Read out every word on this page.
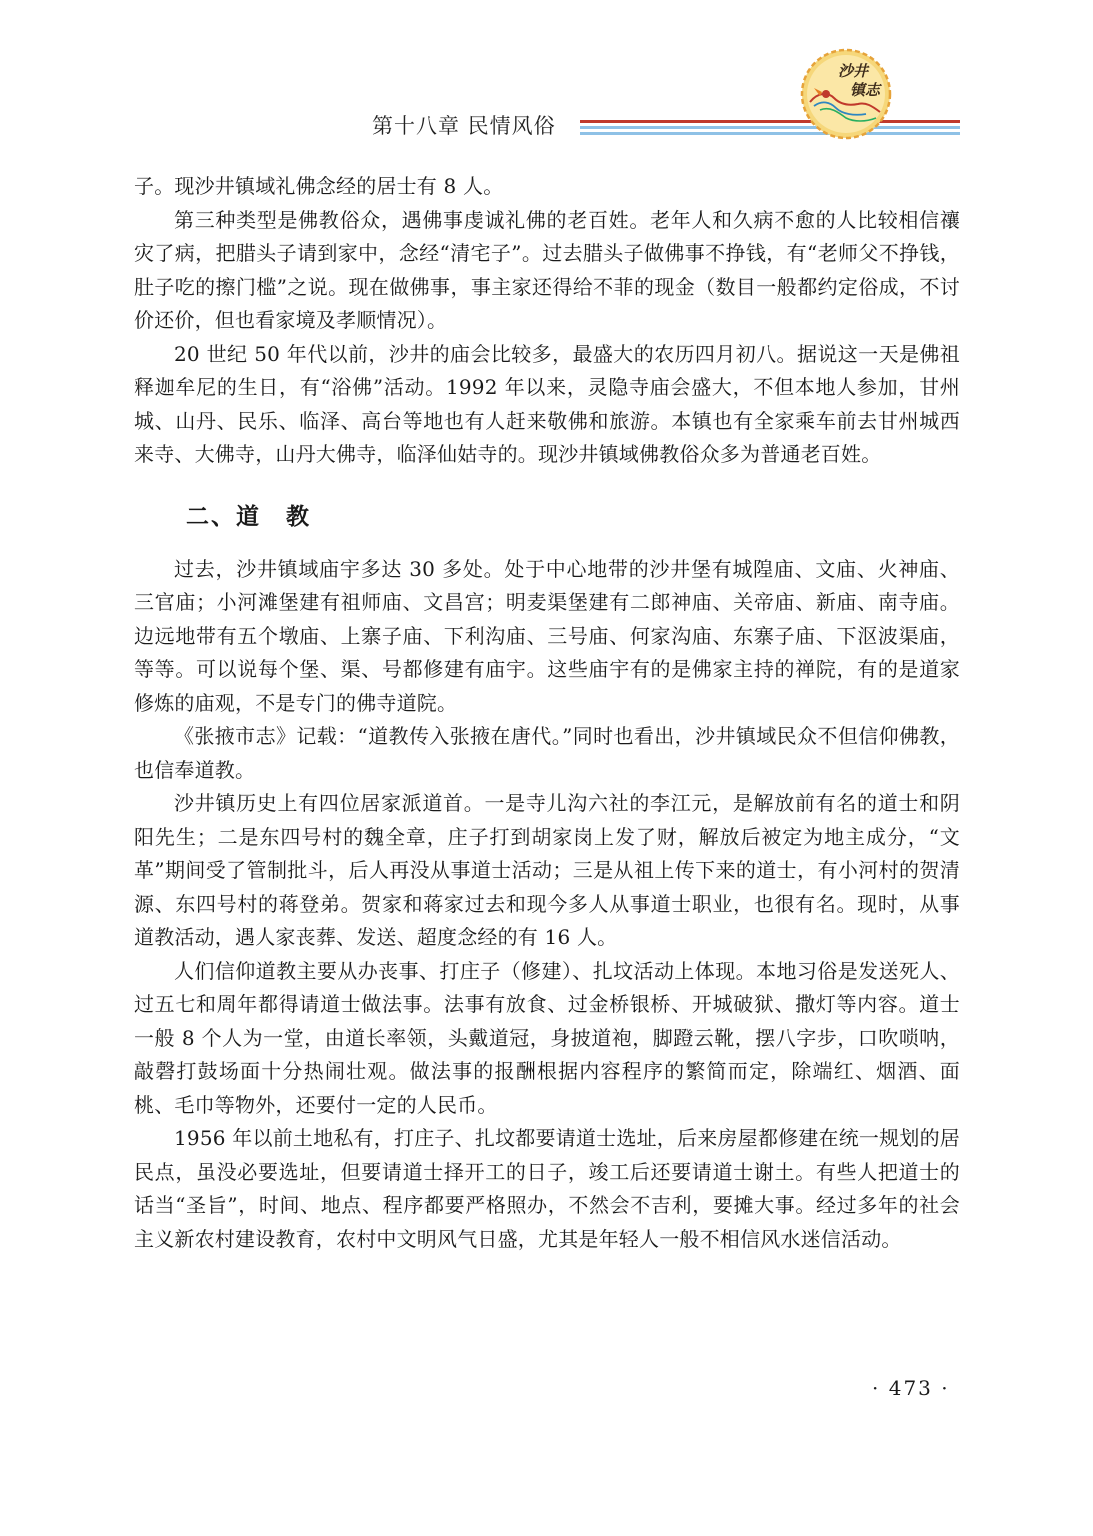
第十八章 民情风俗
沙井
镇志

子。现沙井镇域礼佛念经的居士有 8 人。

第三种类型是佛教俗众，遇佛事虔诚礼佛的老百姓。老年人和久病不愈的人比较相信禳灾了病，把腊头子请到家中，念经“清宅子”。过去腊头子做佛事不挣钱，有“老师父不挣钱，肚子吃的擦门槛”之说。现在做佛事，事主家还得给不菲的现金（数目一般都约定俗成，不讨价还价，但也看家境及孝顺情况）。

20 世纪 50 年代以前，沙井的庙会比较多，最盛大的农历四月初八。据说这一天是佛祖释迦牟尼的生日，有“浴佛”活动。1992 年以来，灵隐寺庙会盛大，不但本地人参加，甘州城、山丹、民乐、临泽、高台等地也有人赶来敬佛和旅游。本镇也有全家乘车前去甘州城西来寺、大佛寺，山丹大佛寺，临泽仙姑寺的。现沙井镇域佛教俗众多为普通老百姓。

二、道　教

过去，沙井镇域庙宇多达 30 多处。处于中心地带的沙井堡有城隍庙、文庙、火神庙、三官庙；小河滩堡建有祖师庙、文昌宫；明麦渠堡建有二郎神庙、关帝庙、新庙、南寺庙。边远地带有五个墩庙、上寨子庙、下利沟庙、三号庙、何家沟庙、东寨子庙、下沤波渠庙，等等。可以说每个堡、渠、号都修建有庙宇。这些庙宇有的是佛家主持的禅院，有的是道家修炼的庙观，不是专门的佛寺道院。

《张掖市志》记载：“道教传入张掖在唐代。”同时也看出，沙井镇域民众不但信仰佛教，也信奉道教。

沙井镇历史上有四位居家派道首。一是寺儿沟六社的李江元，是解放前有名的道士和阴阳先生；二是东四号村的魏全章，庄子打到胡家岗上发了财，解放后被定为地主成分，“文革”期间受了管制批斗，后人再没从事道士活动；三是从祖上传下来的道士，有小河村的贺清源、东四号村的蒋登弟。贺家和蒋家过去和现今多人从事道士职业，也很有名。现时，从事道教活动，遇人家丧葬、发送、超度念经的有 16 人。

人们信仰道教主要从办丧事、打庄子（修建）、扎坟活动上体现。本地习俗是发送死人、过五七和周年都得请道士做法事。法事有放食、过金桥银桥、开城破狱、撒灯等内容。道士一般 8 个人为一堂，由道长率领，头戴道冠，身披道袍，脚蹬云靴，摆八字步，口吹唢呐，敲磬打鼓场面十分热闹壮观。做法事的报酬根据内容程序的繁简而定，除端红、烟酒、面桃、毛巾等物外，还要付一定的人民币。

1956 年以前土地私有，打庄子、扎坟都要请道士选址，后来房屋都修建在统一规划的居民点，虽没必要选址，但要请道士择开工的日子，竣工后还要请道士谢土。有些人把道士的话当“圣旨”，时间、地点、程序都要严格照办，不然会不吉利，要摊大事。经过多年的社会主义新农村建设教育，农村中文明风气日盛，尤其是年轻人一般不相信风水迷信活动。

· 473 ·
